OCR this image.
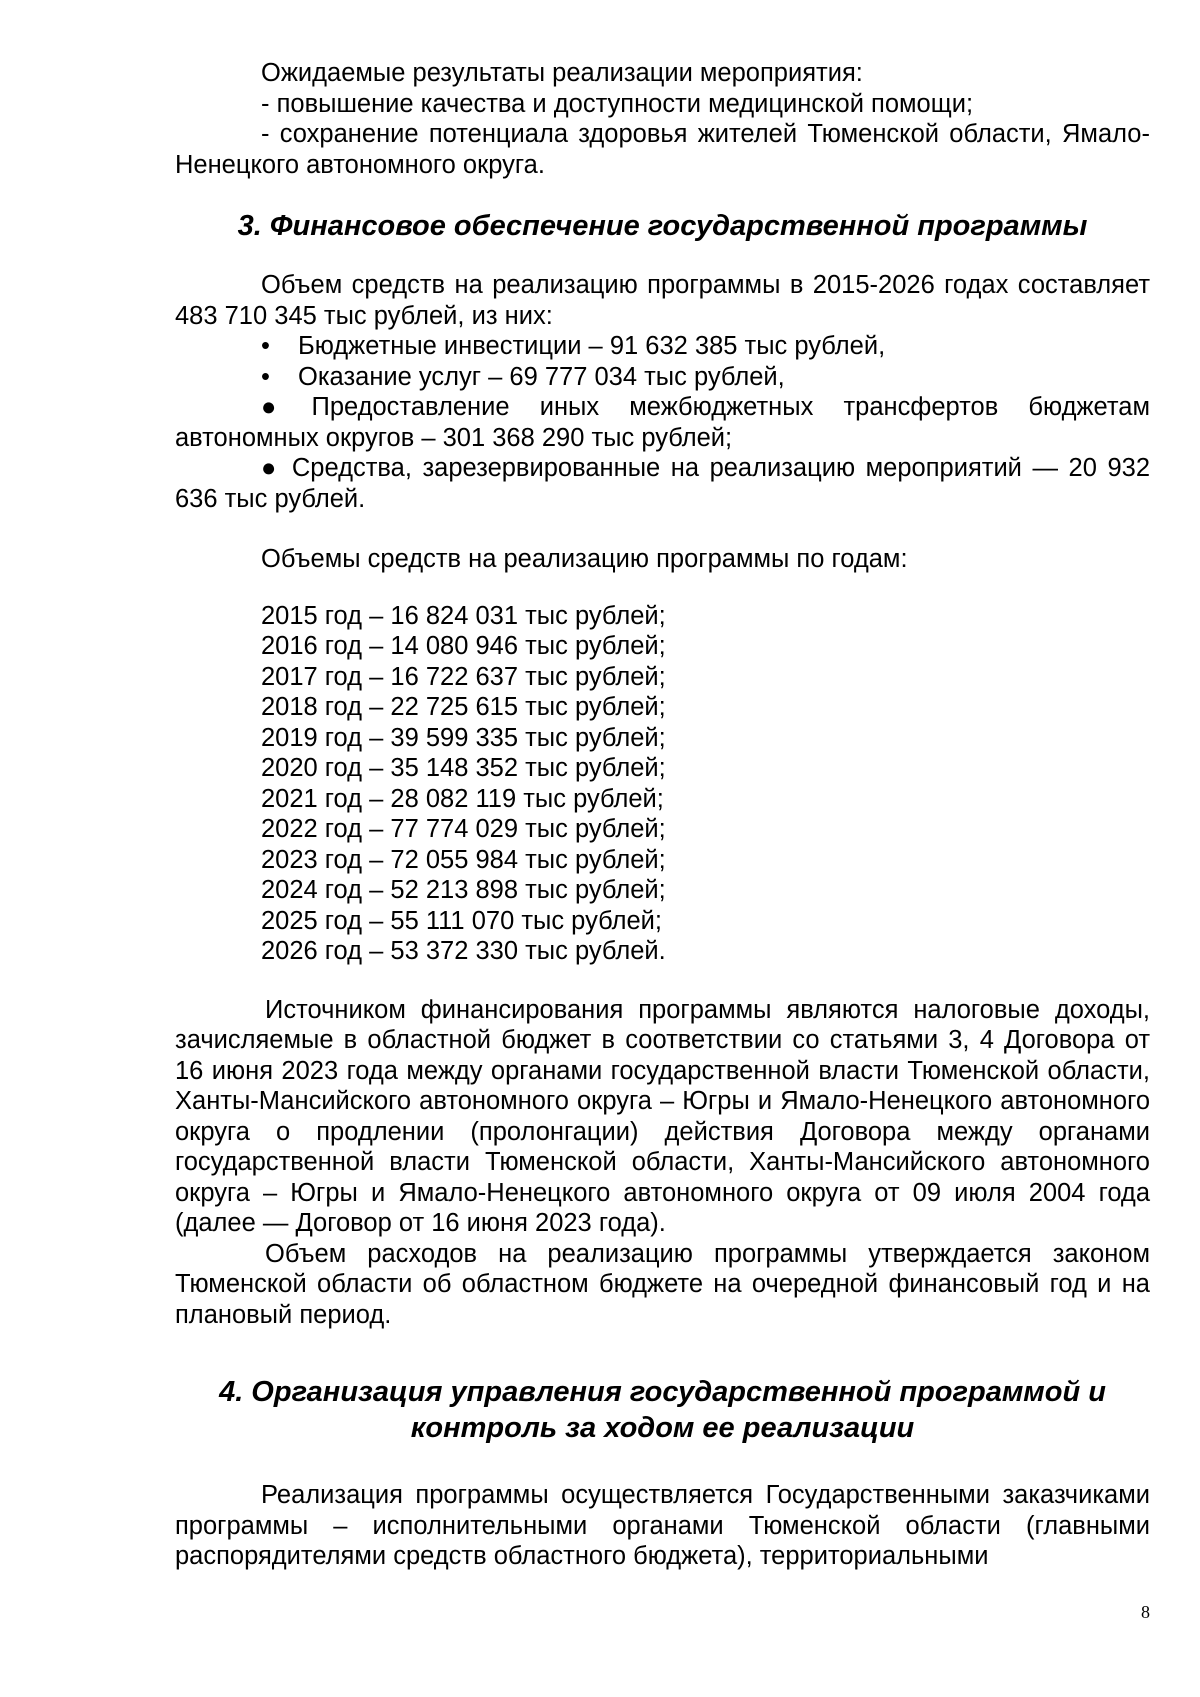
Ожидаемые результаты реализации мероприятия:

- повышение качества и доступности медицинской помощи;

- сохранение потенциала здоровья жителей Тюменской области, Ямало-Ненецкого автономного округа.

3. Финансовое обеспечение государственной программы

Объем средств на реализацию программы в 2015-2026 годах составляет 483 710 345 тыс рублей, из них:

•	Бюджетные инвестиции – 91 632 385 тыс рублей,
•	Оказание услуг – 69 777 034 тыс рублей,

● Предоставление иных межбюджетных трансфертов бюджетам автономных округов – 301 368 290 тыс рублей;

● Средства, зарезервированные на реализацию мероприятий — 20 932 636 тыс рублей.

Объемы средств на реализацию программы по годам:

2015 год – 16 824 031 тыс рублей;
2016 год – 14 080 946 тыс рублей;
2017 год – 16 722 637 тыс рублей;
2018 год – 22 725 615 тыс рублей;
2019 год – 39 599 335 тыс рублей;
2020 год – 35 148 352 тыс рублей;
2021 год – 28 082 119 тыс рублей;
2022 год – 77 774 029 тыс рублей;
2023 год – 72 055 984 тыс рублей;
2024 год – 52 213 898 тыс рублей;
2025 год – 55 111 070 тыс рублей;
2026 год – 53 372 330 тыс рублей.

Источником финансирования программы являются налоговые доходы, зачисляемые в областной бюджет в соответствии со статьями 3, 4 Договора от 16 июня 2023 года между органами государственной власти Тюменской области, Ханты-Мансийского автономного округа – Югры и Ямало-Ненецкого автономного округа о продлении (пролонгации) действия Договора между органами государственной власти Тюменской области, Ханты-Мансийского автономного округа – Югры и Ямало-Ненецкого автономного округа от 09 июля 2004 года (далее — Договор от 16 июня 2023 года).

Объем расходов на реализацию программы утверждается законом Тюменской области об областном бюджете на очередной финансовый год и на плановый период.

4. Организация управления государственной программой и
контроль за ходом ее реализации

Реализация программы осуществляется Государственными заказчиками программы – исполнительными органами Тюменской области (главными распорядителями средств областного бюджета), территориальными

8
